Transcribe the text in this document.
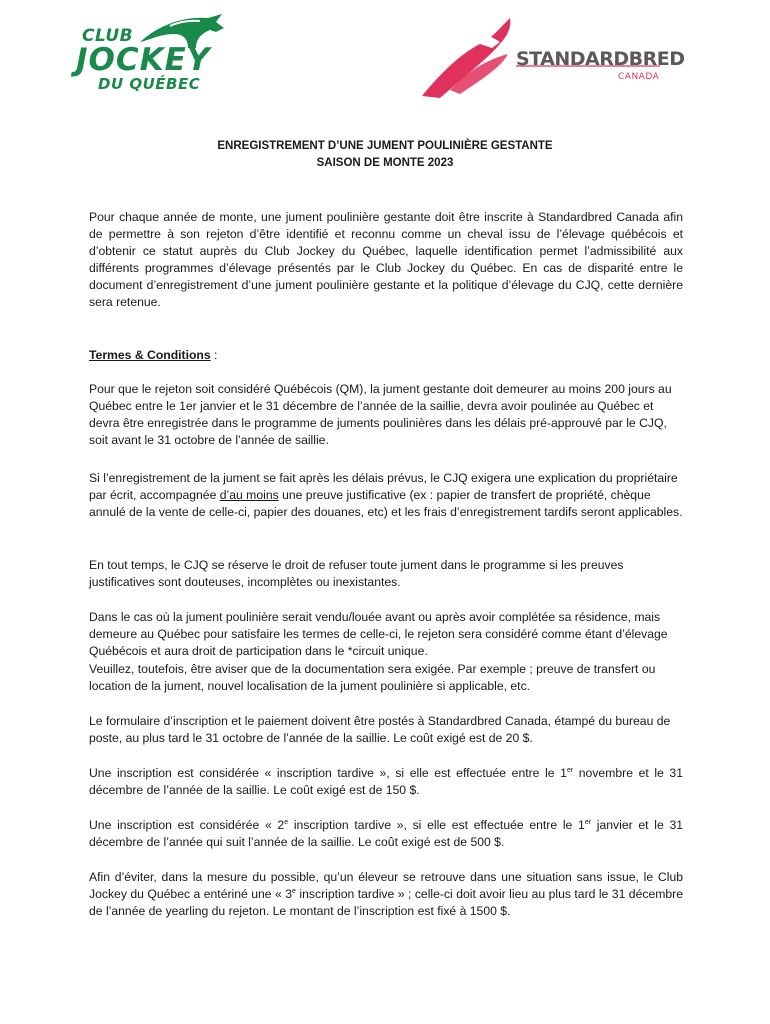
CLUB
JOCKEY
DU QUÉBEC
STANDARDBRED
CANADA
ENREGISTREMENT D’UNE JUMENT POULINIÈRE GESTANTE
SAISON DE MONTE 2023

Pour chaque année de monte, une jument poulinière gestante doit être inscrite à Standardbred Canada afin de permettre à son rejeton d’être identifié et reconnu comme un cheval issu de l’élevage québécois et d’obtenir ce statut auprès du Club Jockey du Québec, laquelle identification permet l’admissibilité aux différents programmes d’élevage présentés par le Club Jockey du Québec. En cas de disparité entre le document d’enregistrement d’une jument poulinière gestante et la politique d’élevage du CJQ, cette dernière sera retenue.

Termes & Conditions :

Pour que le rejeton soit considéré Québécois (QM), la jument gestante doit demeurer au moins 200 jours au Québec entre le 1er janvier et le 31 décembre de l’année de la saillie, devra avoir poulinée au Québec et devra être enregistrée dans le programme de juments poulinières dans les délais pré-approuvé par le CJQ, soit avant le 31 octobre de l’année de saillie.

Si l’enregistrement de la jument se fait après les délais prévus, le CJQ exigera une explication du propriétaire par écrit, accompagnée d’au moins une preuve justificative (ex : papier de transfert de propriété, chèque annulé de la vente de celle-ci, papier des douanes, etc) et les frais d’enregistrement tardifs seront applicables.

En tout temps, le CJQ se réserve le droit de refuser toute jument dans le programme si les preuves justificatives sont douteuses, incomplètes ou inexistantes.

Dans le cas où la jument poulinière serait vendu/louée avant ou après avoir complétée sa résidence, mais demeure au Québec pour satisfaire les termes de celle-ci, le rejeton sera considéré comme étant d’élevage Québécois et aura droit de participation dans le *circuit unique.

Veuillez, toutefois, être aviser que de la documentation sera exigée. Par exemple ; preuve de transfert ou location de la jument, nouvel localisation de la jument poulinière si applicable, etc.

Le formulaire d’inscription et le paiement doivent être postés à Standardbred Canada, étampé du bureau de poste, au plus tard le 31 octobre de l’année de la saillie. Le coût exigé est de 20 $.

Une inscription est considérée « inscription tardive », si elle est effectuée entre le 1er novembre et le 31 décembre de l’année de la saillie. Le coût exigé est de 150 $.

Une inscription est considérée « 2e inscription tardive », si elle est effectuée entre le 1er janvier et le 31 décembre de l’année qui suit l’année de la saillie. Le coût exigé est de 500 $.

Afin d’éviter, dans la mesure du possible, qu’un éleveur se retrouve dans une situation sans issue, le Club Jockey du Québec a entériné une « 3e inscription tardive » ; celle-ci doit avoir lieu au plus tard le 31 décembre de l’année de yearling du rejeton. Le montant de l’inscription est fixé à 1500 $.
